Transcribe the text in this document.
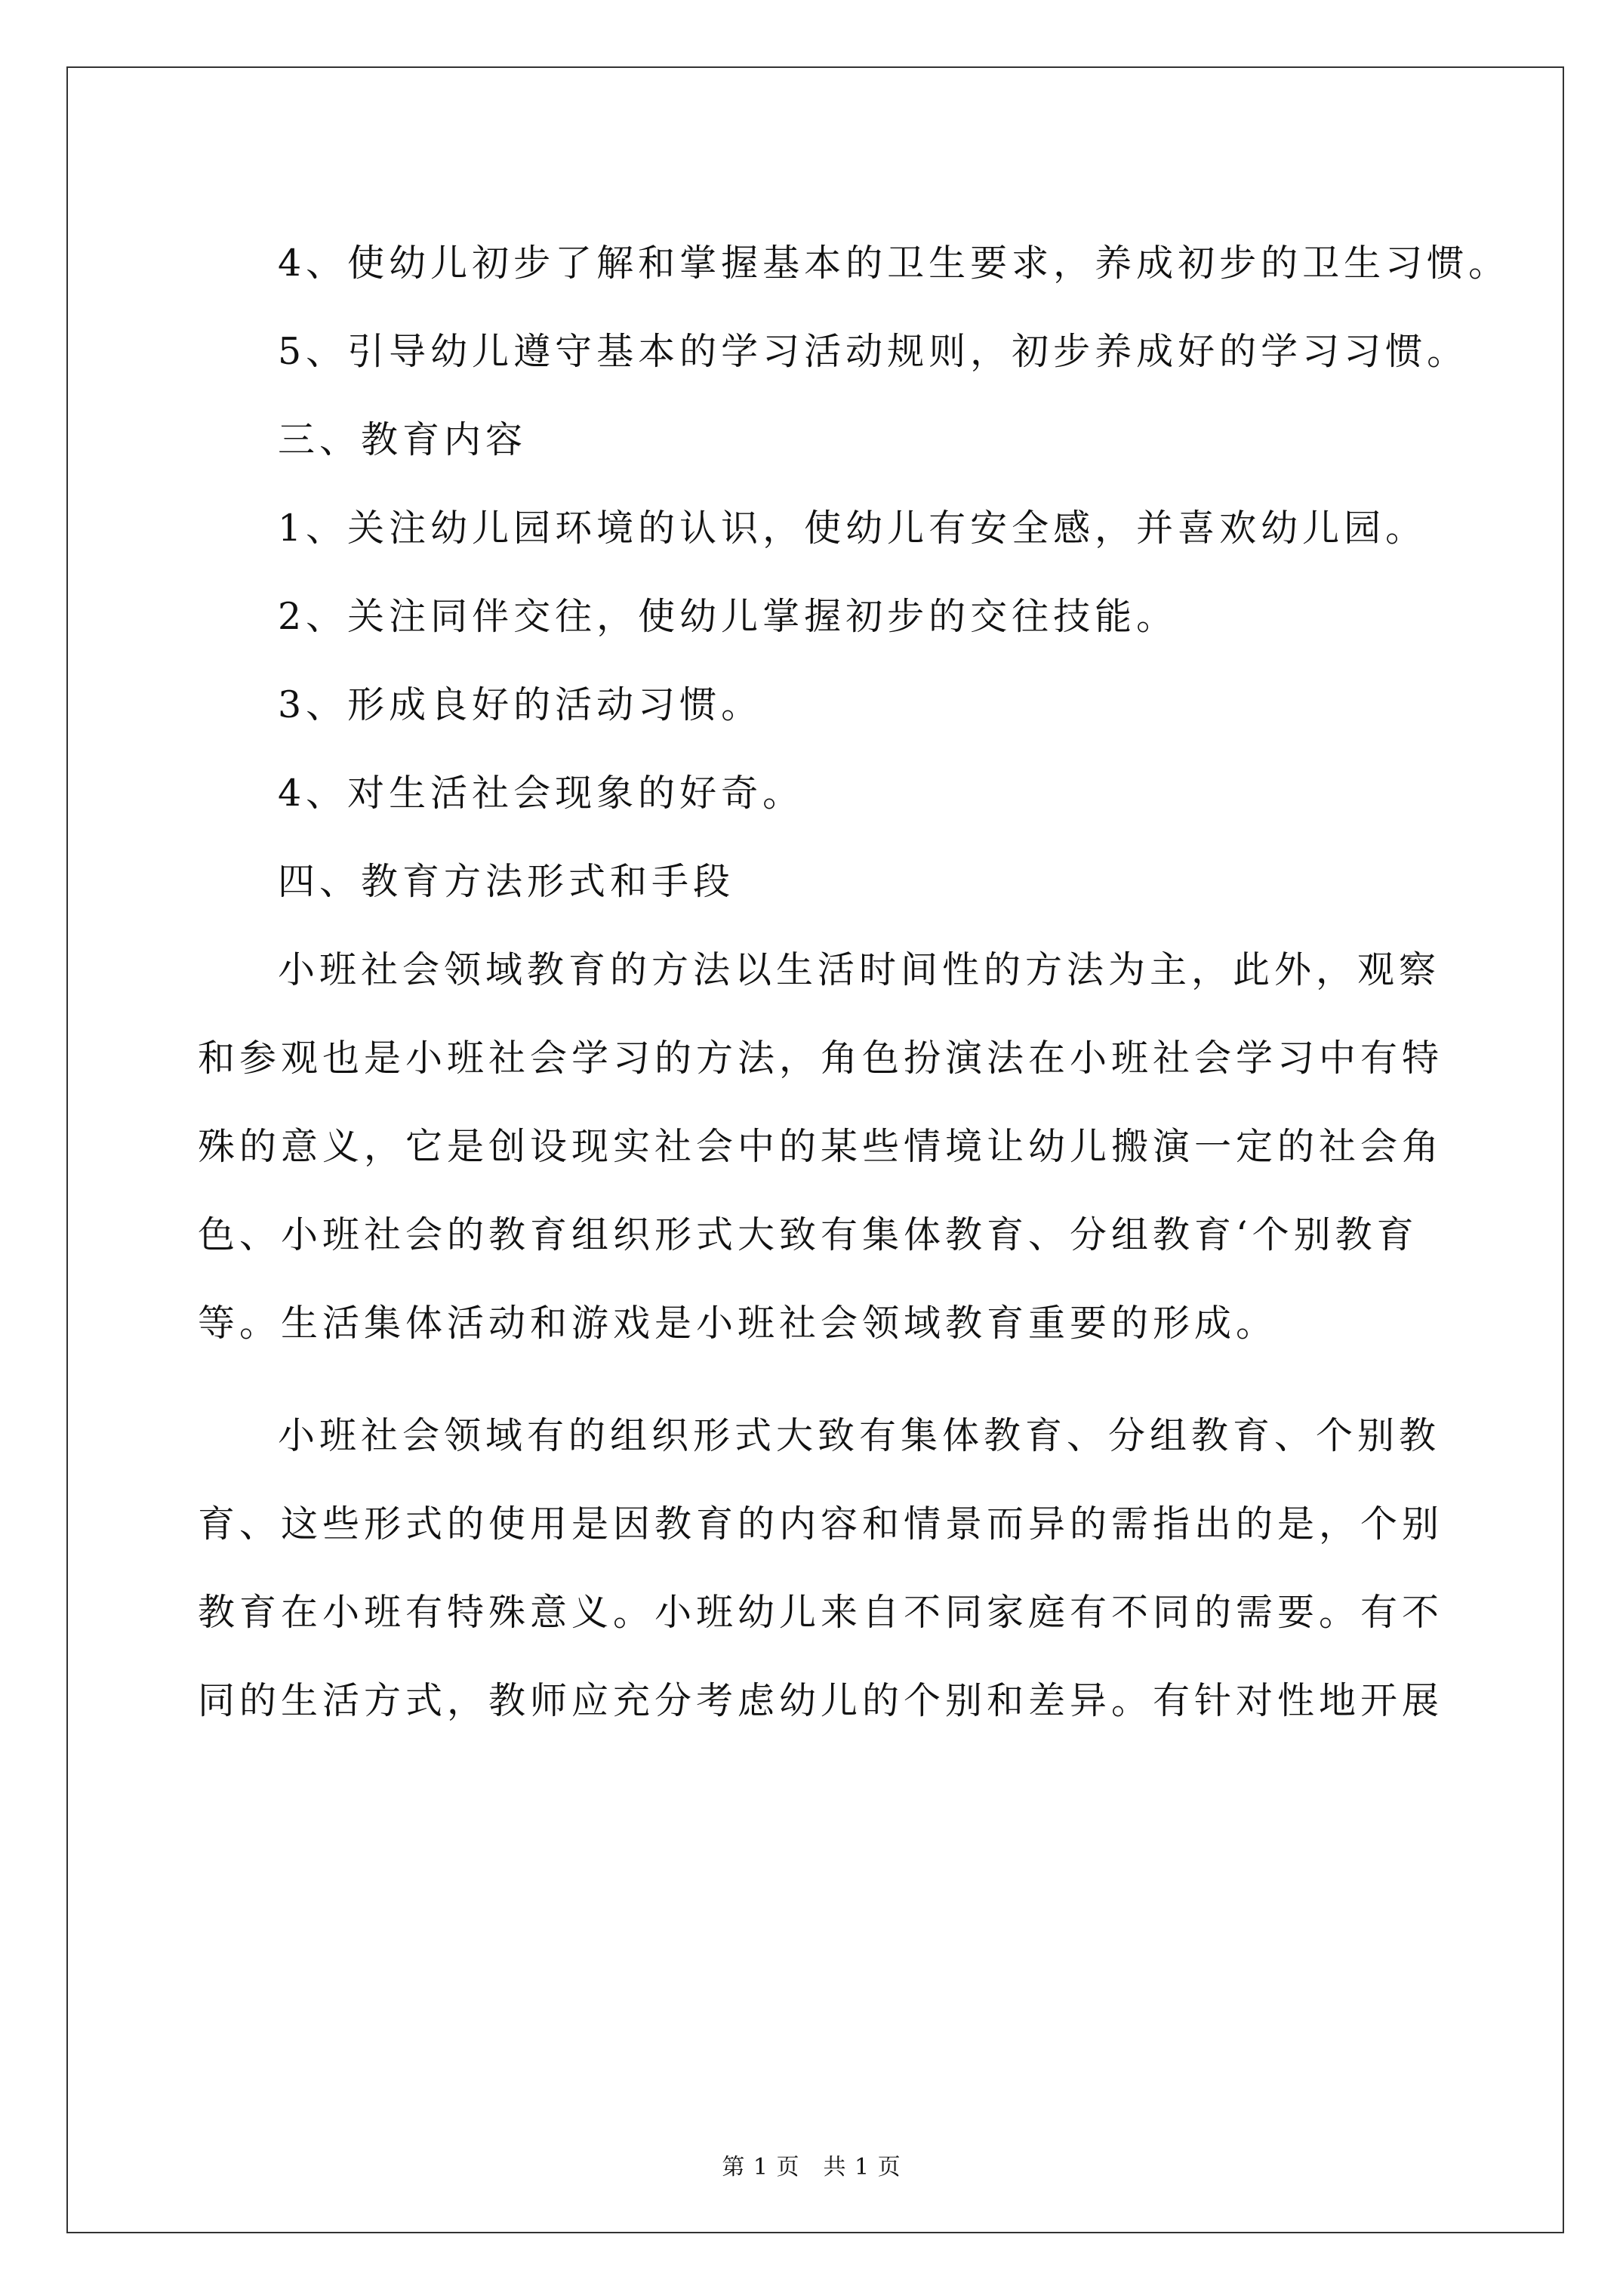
4、使幼儿初步了解和掌握基本的卫生要求，养成初步的卫生习惯。
5、引导幼儿遵守基本的学习活动规则，初步养成好的学习习惯。
三、教育内容
1、关注幼儿园环境的认识，使幼儿有安全感，并喜欢幼儿园。
2、关注同伴交往，使幼儿掌握初步的交往技能。
3、形成良好的活动习惯。
4、对生活社会现象的好奇。
四、教育方法形式和手段
小班社会领域教育的方法以生活时间性的方法为主，此外，观察
和参观也是小班社会学习的方法，角色扮演法在小班社会学习中有特
殊的意义，它是创设现实社会中的某些情境让幼儿搬演一定的社会角
色、小班社会的教育组织形式大致有集体教育、分组教育‘个别教育
等。生活集体活动和游戏是小班社会领域教育重要的形成。
小班社会领域有的组织形式大致有集体教育、分组教育、个别教
育、这些形式的使用是因教育的内容和情景而异的需指出的是，个别
教育在小班有特殊意义。小班幼儿来自不同家庭有不同的需要。有不
同的生活方式，教师应充分考虑幼儿的个别和差异。有针对性地开展
第 1 页　共 1 页
